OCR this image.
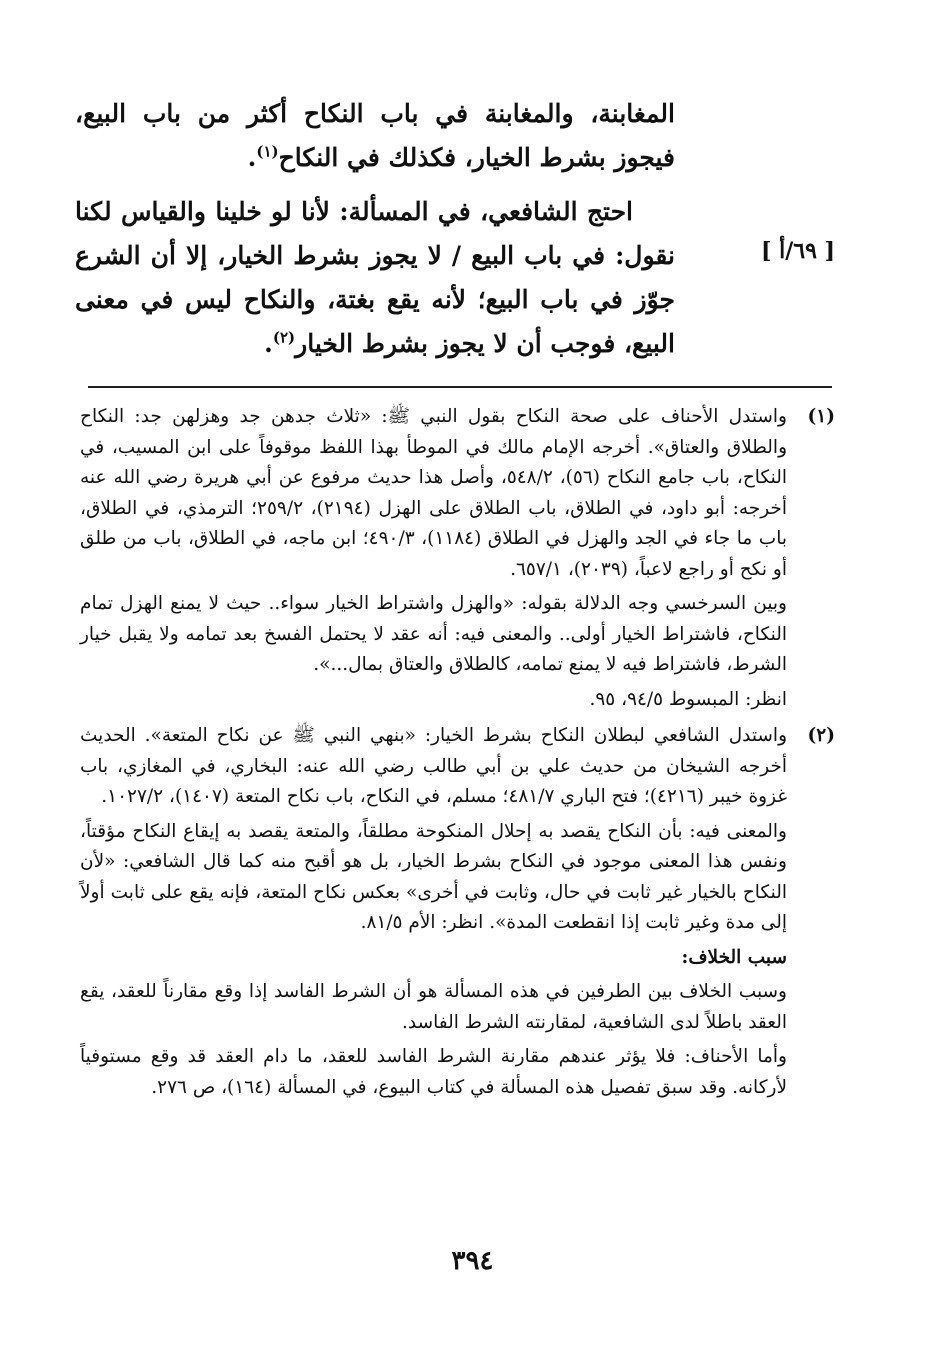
المغابنة، والمغابنة في باب النكاح أكثر من باب البيع، فيجوز بشرط الخيار، فكذلك في النكاح$^{(١)}$.

احتج الشافعي، في المسألة: لأنا لو خلينا والقياس لكنا نقول: في باب البيع / لا يجوز بشرط الخيار، إلا أن الشرع جوّز في باب البيع؛ لأنه يقع بغتة، والنكاح ليس في معنى البيع، فوجب أن لا يجوز بشرط الخيار$^{(٢)}$.

[ ٦٩/أ ]
(١)

واستدل الأحناف على صحة النكاح بقول النبي ﷺ: «ثلاث جدهن جد وهزلهن جد: النكاح والطلاق والعتاق». أخرجه الإمام مالك في الموطأ بهذا اللفظ موقوفاً على ابن المسيب، في النكاح، باب جامع النكاح (٥٦)، ٥٤٨/٢، وأصل هذا حديث مرفوع عن أبي هريرة رضي الله عنه أخرجه: أبو داود، في الطلاق، باب الطلاق على الهزل (٢١٩٤)، ٢٥٩/٢؛ الترمذي، في الطلاق، باب ما جاء في الجد والهزل في الطلاق (١١٨٤)، ٤٩٠/٣؛ ابن ماجه، في الطلاق، باب من طلق أو نكح أو راجع لاعباً، (٢٠٣٩)، ٦٥٧/١.

وبين السرخسي وجه الدلالة بقوله: «والهزل واشتراط الخيار سواء.. حيث لا يمنع الهزل تمام النكاح، فاشتراط الخيار أولى.. والمعنى فيه: أنه عقد لا يحتمل الفسخ بعد تمامه ولا يقبل خيار الشرط، فاشتراط فيه لا يمنع تمامه، كالطلاق والعتاق بمال...».

انظر: المبسوط ٩٤/٥، ٩٥.

(٢)

واستدل الشافعي لبطلان النكاح بشرط الخيار: «بنهي النبي ﷺ عن نكاح المتعة». الحديث أخرجه الشيخان من حديث علي بن أبي طالب رضي الله عنه: البخاري، في المغازي، باب غزوة خيبر (٤٢١٦)؛ فتح الباري ٤٨١/٧؛ مسلم، في النكاح، باب نكاح المتعة (١٤٠٧)، ١٠٢٧/٢.

والمعنى فيه: بأن النكاح يقصد به إحلال المنكوحة مطلقاً، والمتعة يقصد به إيقاع النكاح مؤقتاً، ونفس هذا المعنى موجود في النكاح بشرط الخيار، بل هو أقبح منه كما قال الشافعي: «لأن النكاح بالخيار غير ثابت في حال، وثابت في أخرى» بعكس نكاح المتعة، فإنه يقع على ثابت أولاً إلى مدة وغير ثابت إذا انقطعت المدة». انظر: الأم ٨١/٥.

سبب الخلاف:

وسبب الخلاف بين الطرفين في هذه المسألة هو أن الشرط الفاسد إذا وقع مقارناً للعقد، يقع العقد باطلاً لدى الشافعية، لمقارنته الشرط الفاسد.

وأما الأحناف: فلا يؤثر عندهم مقارنة الشرط الفاسد للعقد، ما دام العقد قد وقع مستوفياً لأركانه. وقد سبق تفصيل هذه المسألة في كتاب البيوع، في المسألة (١٦٤)، ص ٢٧٦.

٣٩٤
